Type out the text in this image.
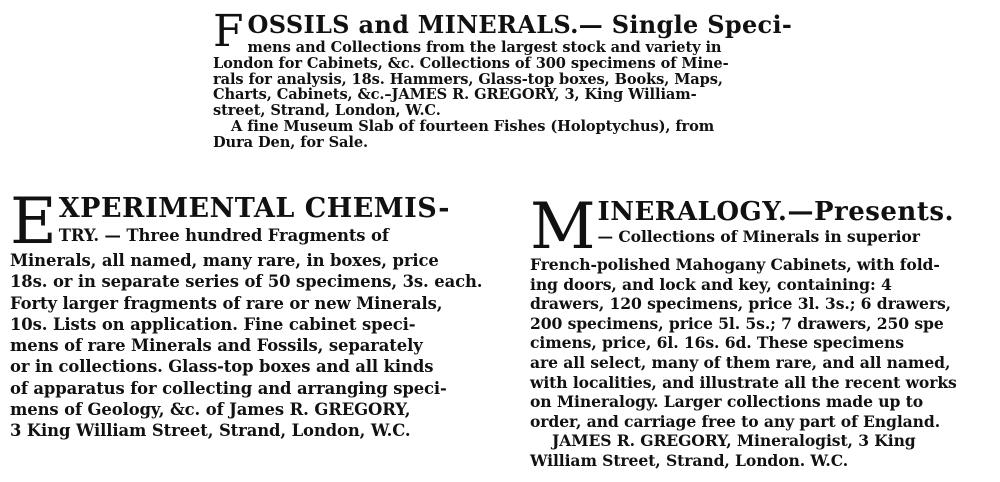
F OSSILS and MINERALS.— Single Speci-
mens and Collections from the largest stock and variety in
London for Cabinets, &c. Collections of 300 specimens of Mine-
rals for analysis, 18s. Hammers, Glass-top boxes, Books, Maps,
Charts, Cabinets, &c.–JAMES R. GREGORY, 3, King William-
street, Strand, London, W.C.
A fine Museum Slab of fourteen Fishes (Holoptychus), from
Dura Den, for Sale.
E XPERIMENTAL CHEMIS-
TRY. — Three hundred Fragments of
Minerals, all named, many rare, in boxes, price
18s. or in separate series of 50 specimens, 3s. each.
Forty larger fragments of rare or new Minerals,
10s. Lists on application. Fine cabinet speci-
mens of rare Minerals and Fossils, separately
or in collections. Glass-top boxes and all kinds
of apparatus for collecting and arranging speci-
mens of Geology, &c. of James R. GREGORY,
3 King William Street, Strand, London, W.C.
M INERALOGY.—Presents.
— Collections of Minerals in superior
French-polished Mahogany Cabinets, with fold-
ing doors, and lock and key, containing: 4
drawers, 120 specimens, price 3l. 3s.; 6 drawers,
200 specimens, price 5l. 5s.; 7 drawers, 250 spe
cimens, price, 6l. 16s. 6d. These specimens
are all select, many of them rare, and all named,
with localities, and illustrate all the recent works
on Mineralogy. Larger collections made up to
order, and carriage free to any part of England.
JAMES R. GREGORY, Mineralogist, 3 King
William Street, Strand, London. W.C.
